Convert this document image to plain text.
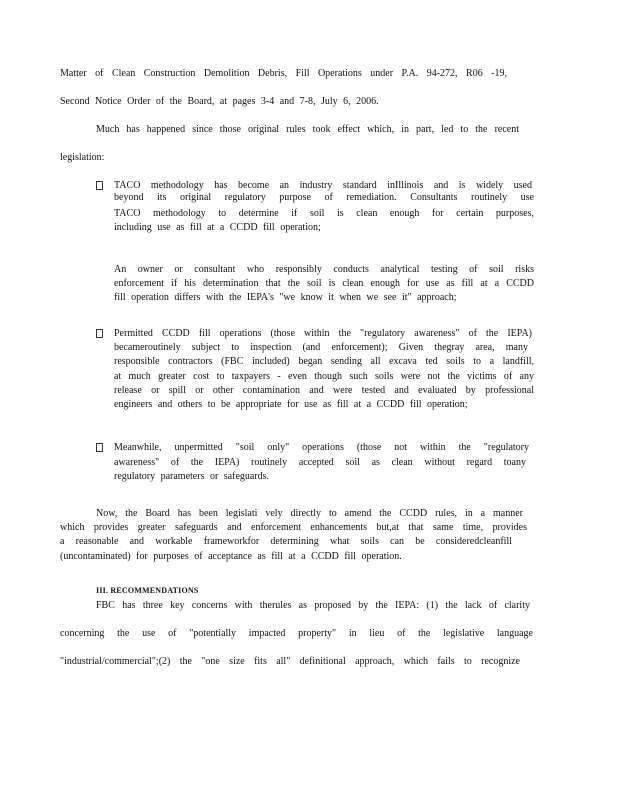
Matter of Clean Construction Demolition Debris, Fill Operations under P.A. 94-272, R06 -19,
Second Notice Order of the Board, at pages 3-4 and 7-8, July 6, 2006.
Much has happened since those original rules took effect which, in part, led to the recent
legislation:
TACO methodology has become an industry standard inIllinois and is widely used
beyond its original regulatory purpose of remediation. Consultants routinely use
TACO methodology to determine if soil is clean enough for certain purposes,
including use as fill at a CCDD fill operation;
An owner or consultant who responsibly conducts analytical testing of soil risks
enforcement if his determination that the soil is clean enough for use as fill at a CCDD
fill operation differs with the IEPA's "we know it when we see it" approach;
Permitted CCDD fill operations (those within the "regulatory awareness" of the IEPA)
becameroutinely subject to inspection (and enforcement); Given thegray area, many
responsible contractors (FBC included) began sending all excava ted soils to a landfill,
at much greater cost to taxpayers - even though such soils were not the victims of any
release or spill or other contamination and were tested and evaluated by professional
engineers and others to be appropriate for use as fill at a CCDD fill operation;
Meanwhile, unpermitted "soil only" operations (those not within the "regulatory
awareness" of the IEPA) routinely accepted soil as clean without regard toany
regulatory parameters or safeguards.
Now, the Board has been legislati vely directly to amend the CCDD rules, in a manner
which provides greater safeguards and enforcement enhancements but,at that same time, provides
a reasonable and workable frameworkfor determining what soils can be consideredcleanfill
(uncontaminated) for purposes of acceptance as fill at a CCDD fill operation.
III. RECOMMENDATIONS
FBC has three key concerns with therules as proposed by the IEPA: (1) the lack of clarity
concerning the use of "potentially impacted property" in lieu of the legislative language
"industrial/commercial";(2) the "one size fits all" definitional approach, which fails to recognize
